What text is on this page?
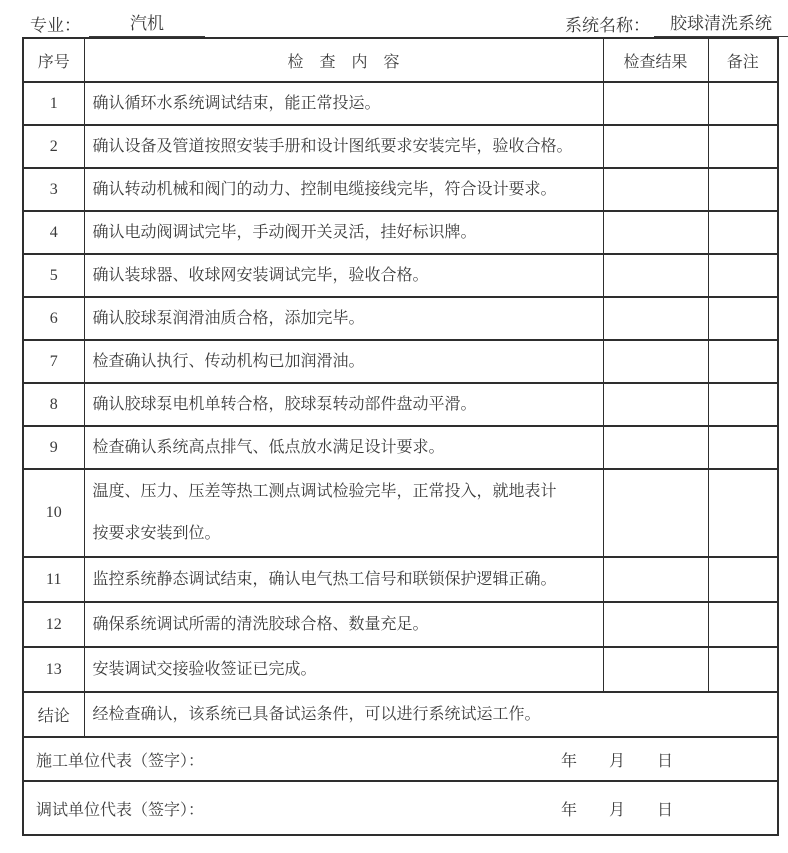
专业：	汽机	系统名称： 胶球清洗系统
序号	检　查　内　容	检查结果	备注
1	确认循环水系统调试结束，能正常投运。		
2	确认设备及管道按照安装手册和设计图纸要求安装完毕，验收合格。		
3	确认转动机械和阀门的动力、控制电缆接线完毕，符合设计要求。		
4	确认电动阀调试完毕，手动阀开关灵活，挂好标识牌。		
5	确认装球器、收球网安装调试完毕，验收合格。		
6	确认胶球泵润滑油质合格，添加完毕。		
7	检查确认执行、传动机构已加润滑油。		
8	确认胶球泵电机单转合格，胶球泵转动部件盘动平滑。		
9	检查确认系统高点排气、低点放水满足设计要求。		
10	温度、压力、压差等热工测点调试检验完毕，正常投入，就地表计
按要求安装到位。		

11	监控系统静态调试结束，确认电气热工信号和联锁保护逻辑正确。		
12	确保系统调试所需的清洗胶球合格、数量充足。		
13	安装调试交接验收签证已完成。		
结论	经检查确认，该系统已具备试运条件，可以进行系统试运工作。		

施工单位代表（签字）： 年 月 日			

调试单位代表（签字）： 年 月 日			
